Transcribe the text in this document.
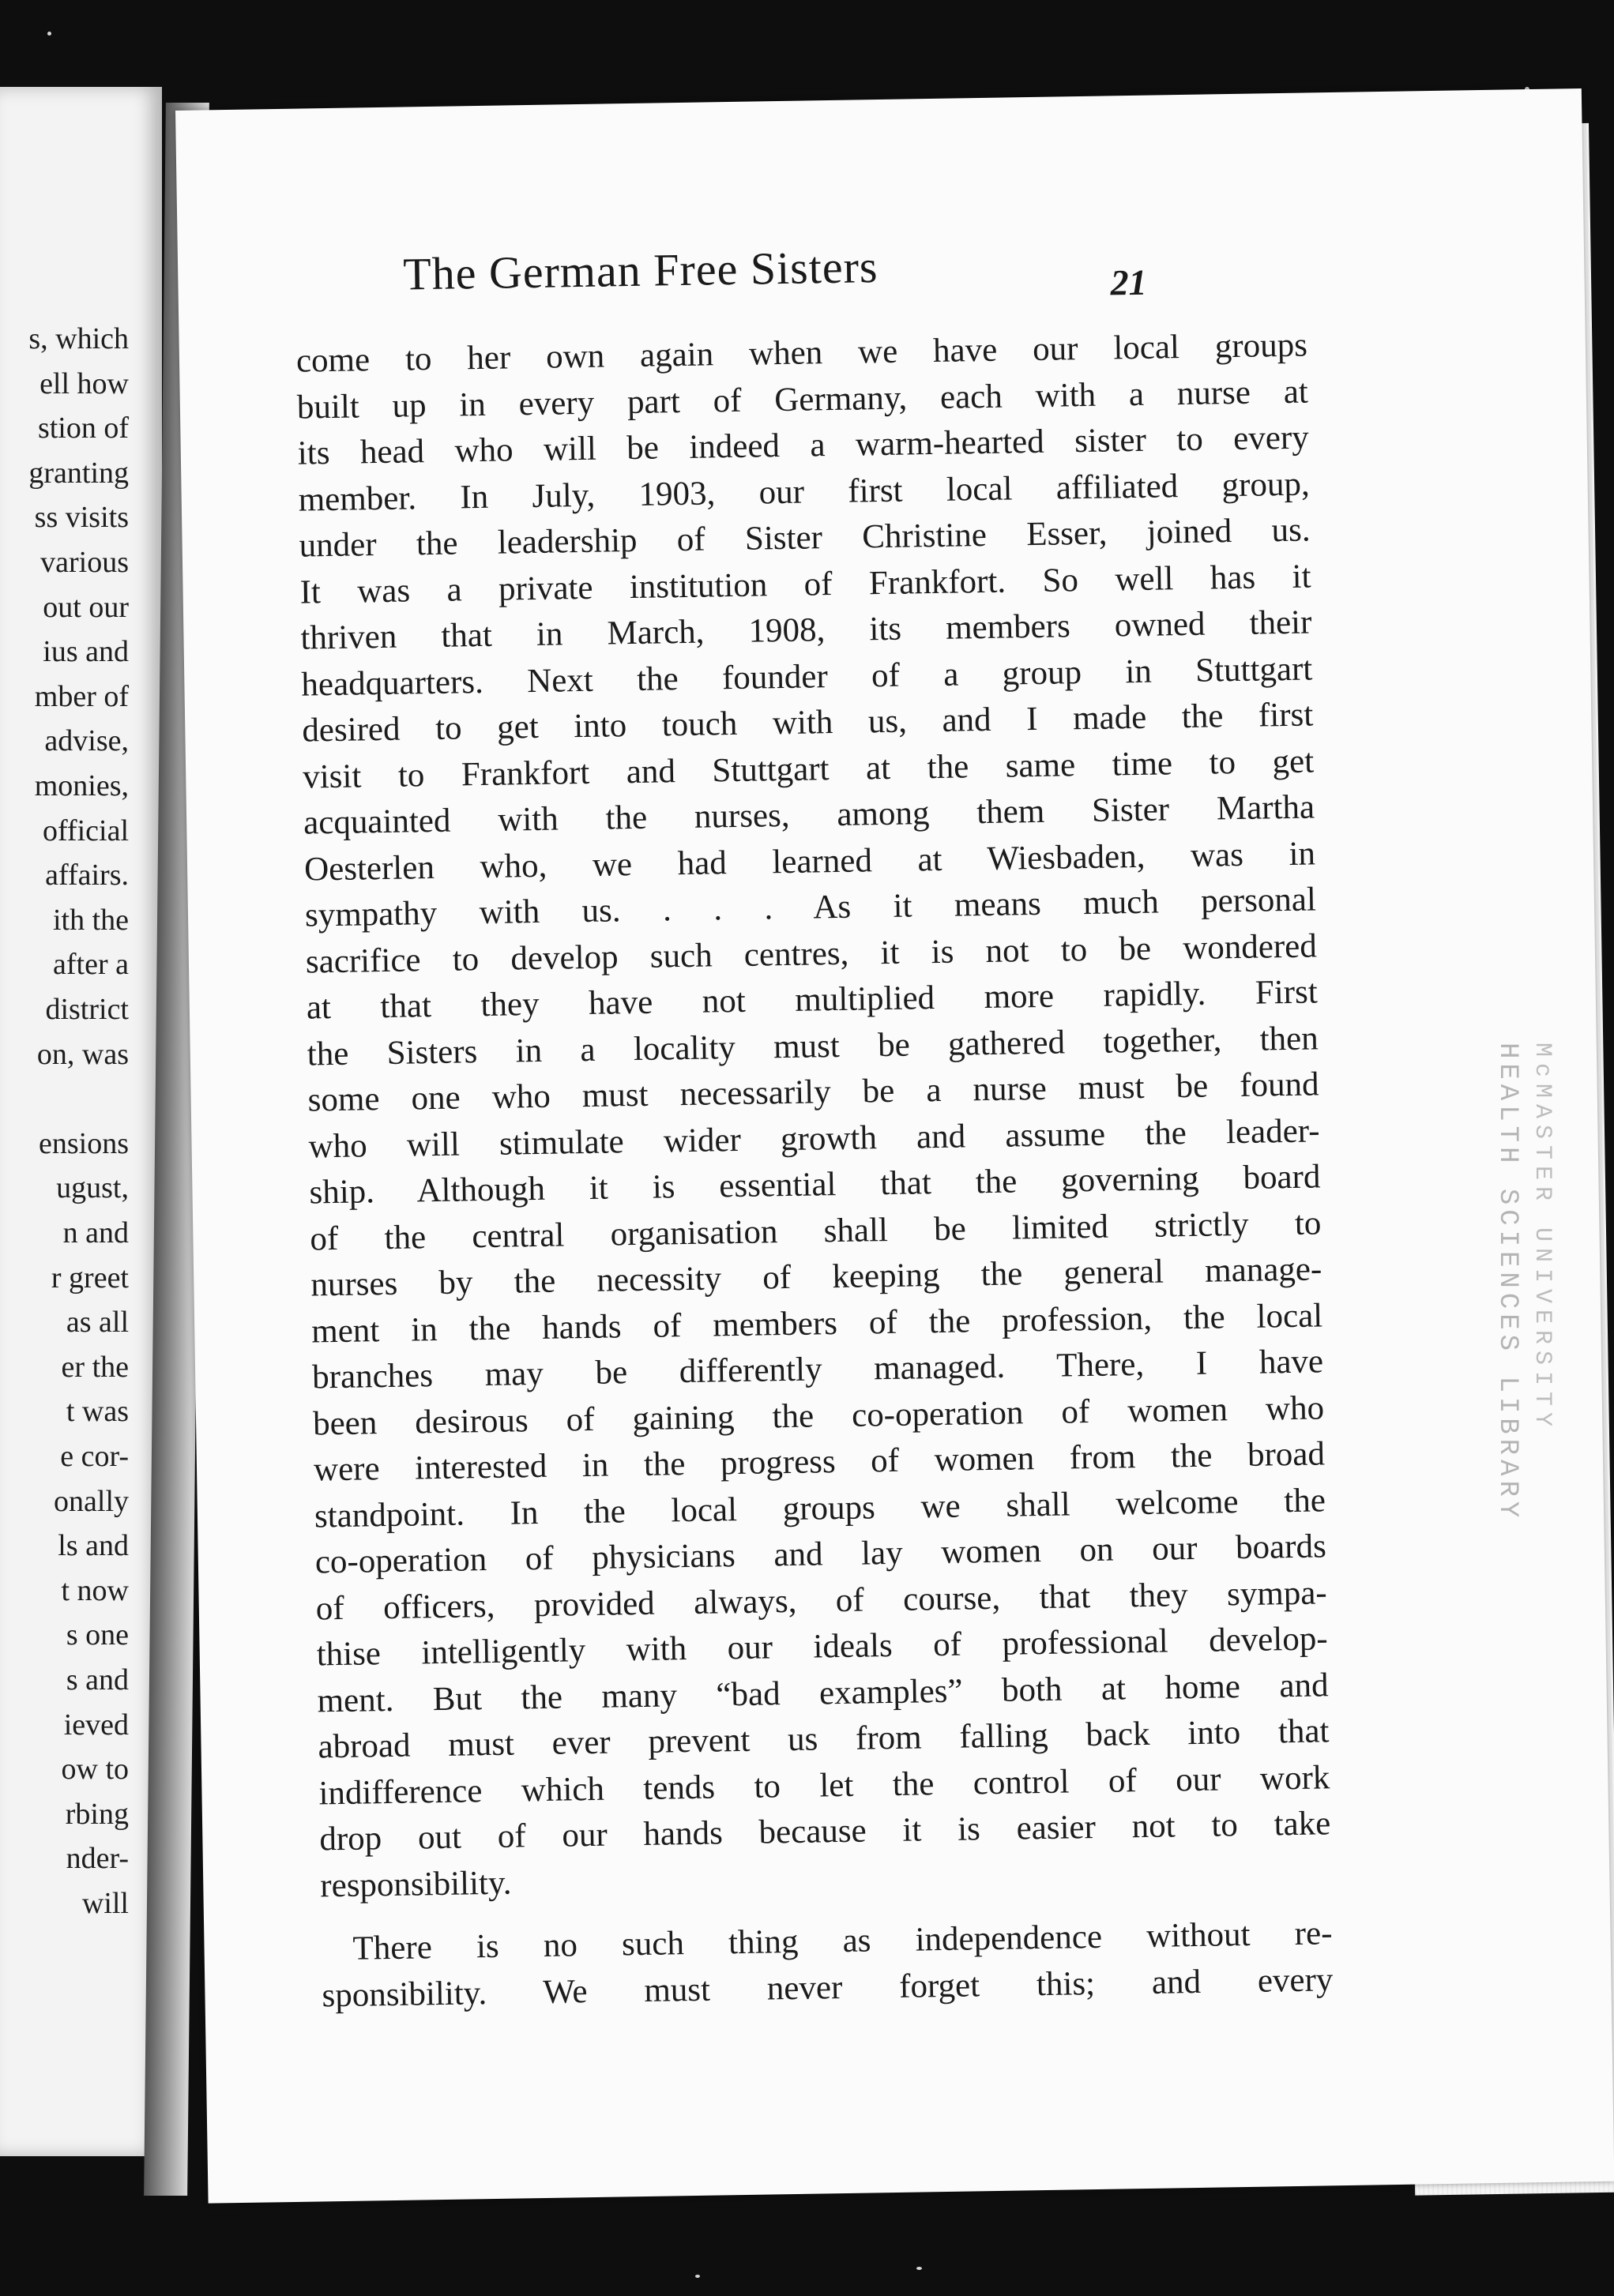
s, which
ell how
stion of
granting
ss visits
various
out our
ius and
mber of
advise,
monies,
official
affairs.
ith the
after a
district
on, was
ensions
ugust,
n and
r greet
as all
er the
t was
e cor-
onally
ls and
t now
s one
s and
ieved
ow to
rbing
nder-
will
The German Free Sisters	21
come to her own again when we have our local groups
built up in every part of Germany, each with a nurse at
its head who will be indeed a warm-hearted sister to every
member. In July, 1903, our first local affiliated group,
under the leadership of Sister Christine Esser, joined us.
It was a private institution of Frankfort. So well has it
thriven that in March, 1908, its members owned their
headquarters. Next the founder of a group in Stuttgart
desired to get into touch with us, and I made the first
visit to Frankfort and Stuttgart at the same time to get
acquainted with the nurses, among them Sister Martha
Oesterlen who, we had learned at Wiesbaden, was in
sympathy with us. . . . As it means much personal
sacrifice to develop such centres, it is not to be wondered
at that they have not multiplied more rapidly. First
the Sisters in a locality must be gathered together, then
some one who must necessarily be a nurse must be found
who will stimulate wider growth and assume the leader-
ship. Although it is essential that the governing board
of the central organisation shall be limited strictly to
nurses by the necessity of keeping the general manage-
ment in the hands of members of the profession, the local
branches may be differently managed. There, I have
been desirous of gaining the co-operation of women who
were interested in the progress of women from the broad
standpoint. In the local groups we shall welcome the
co-operation of physicians and lay women on our boards
of officers, provided always, of course, that they sympa-
thise intelligently with our ideals of professional develop-
ment. But the many “bad examples” both at home and
abroad must ever prevent us from falling back into that
indifference which tends to let the control of our work
drop out of our hands because it is easier not to take
responsibility.
There is no such thing as independence without re-
sponsibility. We must never forget this; and every
HEALTH SCIENCES LIBRARY McMASTER UNIVERSITY
